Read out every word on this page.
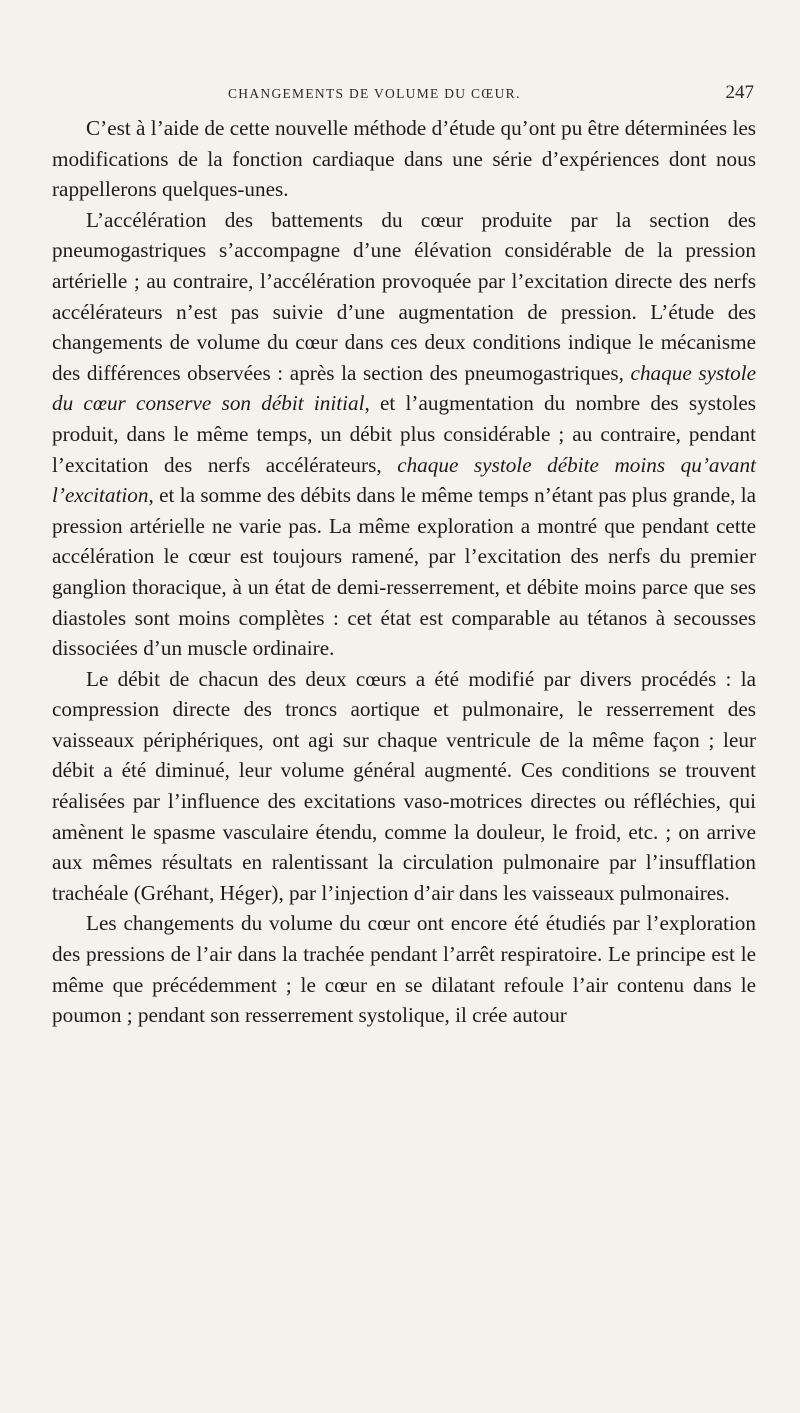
CHANGEMENTS DE VOLUME DU CŒUR.	247

C’est à l’aide de cette nouvelle méthode d’étude qu’ont pu être déterminées les modifications de la fonction cardiaque dans une série d’expériences dont nous rappellerons quelques-unes.

L’accélération des battements du cœur produite par la section des pneumogastriques s’accompagne d’une élévation considérable de la pression artérielle ; au contraire, l’accélération provoquée par l’excitation directe des nerfs accélérateurs n’est pas suivie d’une augmentation de pression. L’étude des changements de volume du cœur dans ces deux conditions indique le mécanisme des différences observées : après la section des pneumogastriques, chaque systole du cœur conserve son débit initial, et l’augmentation du nombre des systoles produit, dans le même temps, un débit plus considérable ; au contraire, pendant l’excitation des nerfs accélérateurs, chaque systole débite moins qu’avant l’excitation, et la somme des débits dans le même temps n’étant pas plus grande, la pression artérielle ne varie pas. La même exploration a montré que pendant cette accélération le cœur est toujours ramené, par l’excitation des nerfs du premier ganglion thoracique, à un état de demi-resserrement, et débite moins parce que ses diastoles sont moins complètes : cet état est comparable au tétanos à secousses dissociées d’un muscle ordinaire.

Le débit de chacun des deux cœurs a été modifié par divers procédés : la compression directe des troncs aortique et pulmonaire, le resserrement des vaisseaux périphériques, ont agi sur chaque ventricule de la même façon ; leur débit a été diminué, leur volume général augmenté. Ces conditions se trouvent réalisées par l’influence des excitations vaso-motrices directes ou réfléchies, qui amènent le spasme vasculaire étendu, comme la douleur, le froid, etc. ; on arrive aux mêmes résultats en ralentissant la circulation pulmonaire par l’insufflation trachéale (Gréhant, Héger), par l’injection d’air dans les vaisseaux pulmonaires.

Les changements du volume du cœur ont encore été étudiés par l’exploration des pressions de l’air dans la trachée pendant l’arrêt respiratoire. Le principe est le même que précédemment ; le cœur en se dilatant refoule l’air contenu dans le poumon ; pendant son resserrement systolique, il crée autour
